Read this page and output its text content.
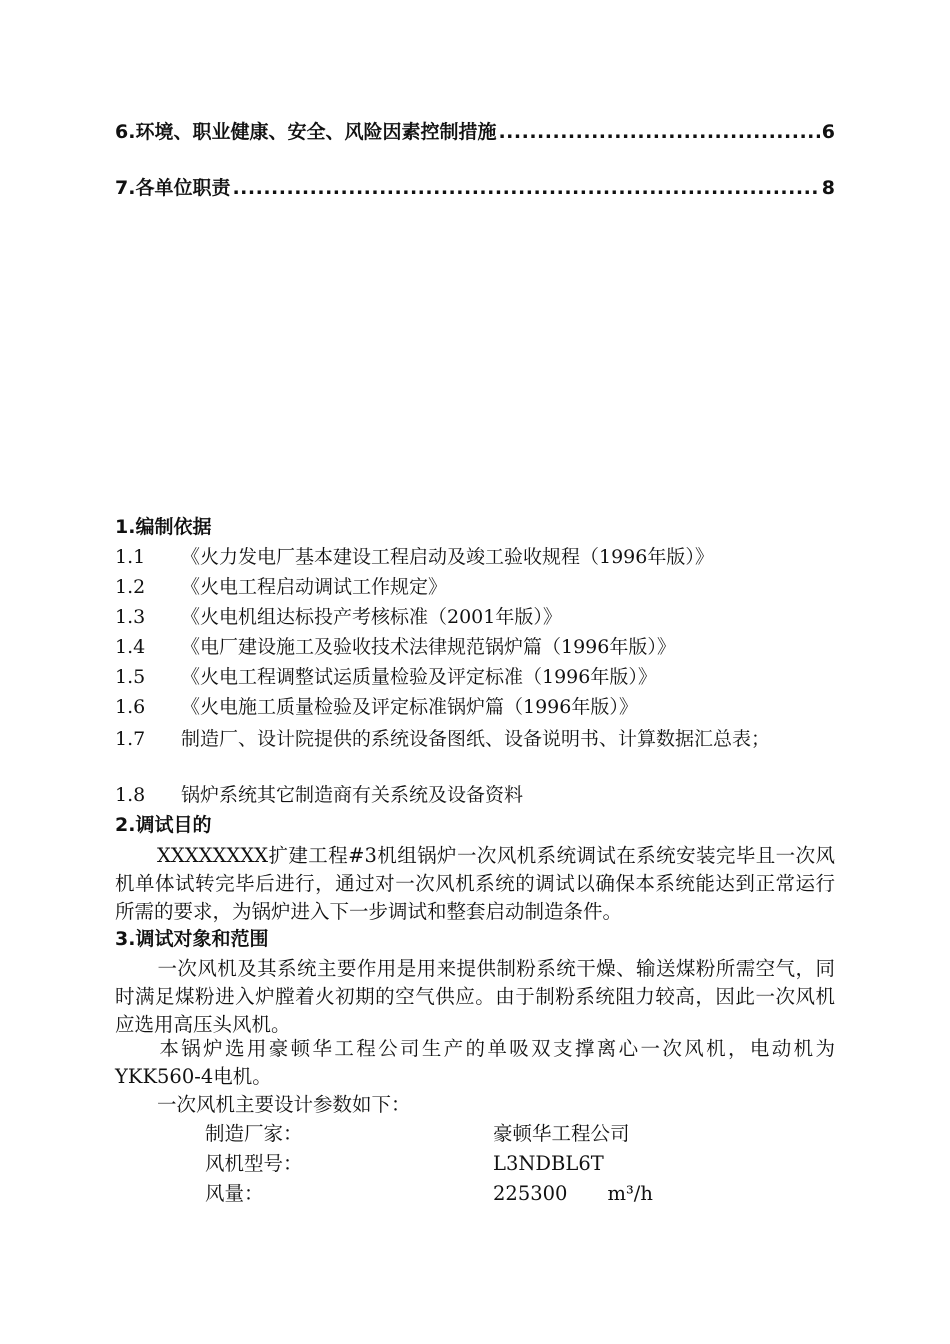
6.环境、职业健康、安全、风险因素控制措施 .....	6
7.各单位职责 .....	8
1.编制依据
1.1 《火力发电厂基本建设工程启动及竣工验收规程（1996年版）》
1.2 《火电工程启动调试工作规定》
1.3 《火电机组达标投产考核标准（2001年版）》
1.4 《电厂建设施工及验收技术法律规范锅炉篇（1996年版）》
1.5 《火电工程调整试运质量检验及评定标准（1996年版）》
1.6 《火电施工质量检验及评定标准锅炉篇（1996年版）》
1.7 制造厂、设计院提供的系统设备图纸、设备说明书、计算数据汇总表；
1.8 锅炉系统其它制造商有关系统及设备资料
2.调试目的
XXXXXXXX扩建工程#3机组锅炉一次风机系统调试在系统安装完毕且一次风机单体试转完毕后进行，通过对一次风机系统的调试以确保本系统能达到正常运行所需的要求，为锅炉进入下一步调试和整套启动制造条件。
3.调试对象和范围
一次风机及其系统主要作用是用来提供制粉系统干燥、输送煤粉所需空气，同时满足煤粉进入炉膛着火初期的空气供应。由于制粉系统阻力较高，因此一次风机应选用高压头风机。
本锅炉选用豪顿华工程公司生产的单吸双支撑离心一次风机，电动机为YKK560-4电机。
一次风机主要设计参数如下：
制造厂家：	豪顿华工程公司
风机型号：	L3NDBL6T
风量：	225300 m³/h
